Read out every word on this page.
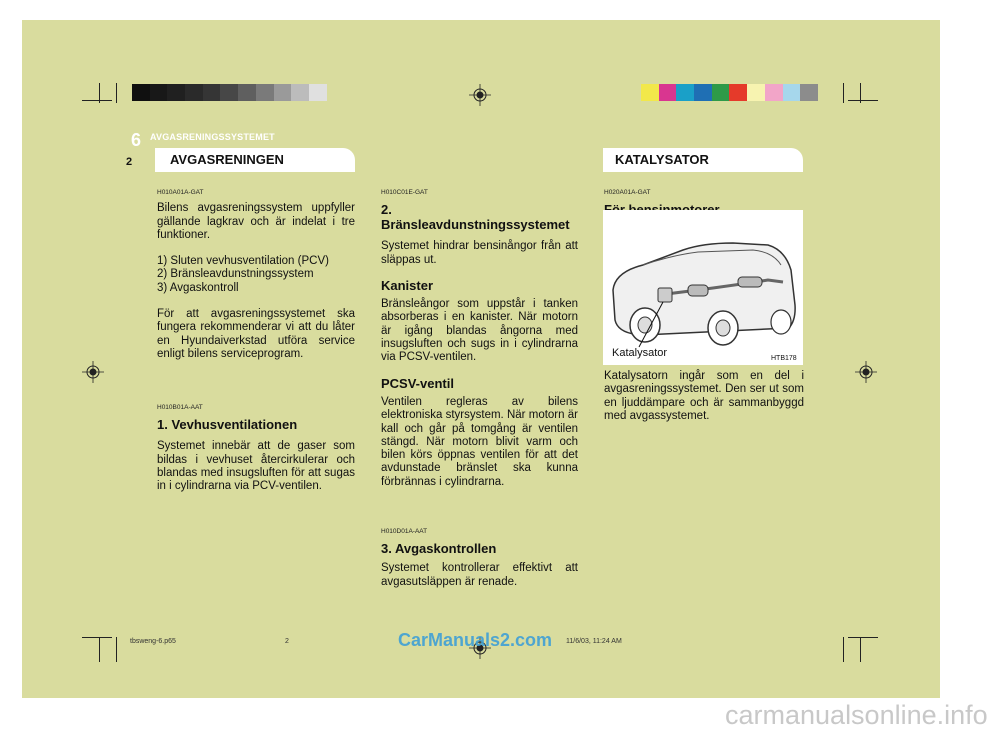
6 AVGASRENINGSSYSTEMET
2	AVGASRENINGEN	KATALYSATOR
H010A01A-GAT

Bilens avgasreningssystem uppfyller gällande lagkrav och är indelat i tre funktioner.

1) Sluten vevhusventilation (PCV)

2) Bränsleavdunstningssystem

3) Avgaskontroll

För att avgasreningssystemet ska fungera rekommenderar vi att du låter en Hyundaiverkstad utföra service enligt bilens serviceprogram.

H010B01A-AAT
1. Vevhusventilationen

Systemet innebär att de gaser som bildas i vevhuset återcirkulerar och blandas med insugsluften för att sugas in i cylindrarna via PCV-ventilen.

H010C01E-GAT
2. Bränsleavdunstningssystemet

Systemet hindrar bensinångor från att släppas ut.

Kanister

Bränsleångor som uppstår i tanken absorberas i en kanister. När motorn är igång blandas ångorna med insugsluften och sugs in i cylindrarna via PCSV-ventilen.

PCSV-ventil

Ventilen regleras av bilens elektroniska styrsystem. När motorn är kall och går på tomgång är ventilen stängd. När motorn blivit varm och bilen körs öppnas ventilen för att det avdunstade bränslet ska kunna förbrännas i cylindrarna.

H010D01A-AAT
3. Avgaskontrollen

Systemet kontrollerar effektivt att avgasutsläppen är renade.

H020A01A-GAT
Katalysator	HTB178

Katalysatorn ingår som en del i avgasreningssystemet. Den ser ut som en ljuddämpare och är sammanbyggd med avgassystemet.

tbsweng-6.p65	2	11/6/03, 11:24 AM
CarManuals2.com
carmanualsonline.info
